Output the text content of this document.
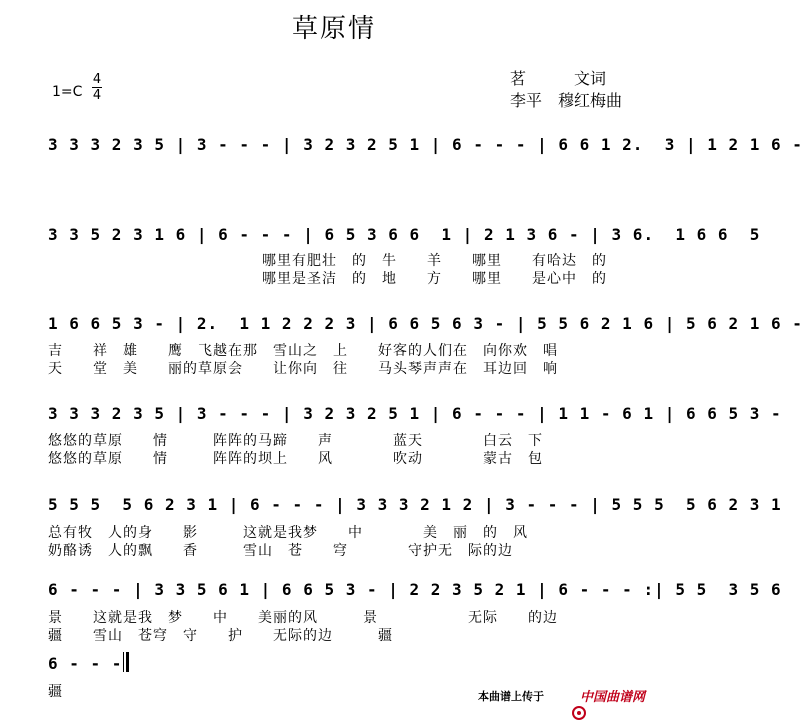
草原情
1=C
4
4
茗　　　文词
李平　穆红梅曲
3 3 3 2 3 5 | 3 - - - | 3 2 3 2 5 1 | 6 - - - | 6 6 1 2.  3 | 1 2 1 6 -
3 3 5 2 3 1 6 | 6 - - - | 6 5 3 6 6  1 | 2 1 3 6 - | 3 6.  1 6 6  5
哪里有肥壮　的　牛　　羊　　哪里　　有哈达　的
哪里是圣洁　的　地　　方　　哪里　　是心中　的
1 6 6 5 3 - | 2.  1 1 2 2 2 3 | 6 6 5 6 3 - | 5 5 6 2 1 6 | 5 6 2 1 6 -
吉　　祥　雄　　鹰　飞越在那　雪山之　上　　好客的人们在　向你欢　唱
天　　堂　美　　丽的草原会　　让你向　往　　马头琴声声在　耳边回　响
3 3 3 2 3 5 | 3 - - - | 3 2 3 2 5 1 | 6 - - - | 1 1 - 6 1 | 6 6 5 3 -
悠悠的草原　　情　　　阵阵的马蹄　　声　　　　蓝天　　　　白云　下
悠悠的草原　　情　　　阵阵的坝上　　风　　　　吹动　　　　蒙古　包
5 5 5  5 6 2 3 1 | 6 - - - | 3 3 3 2 1 2 | 3 - - - | 5 5 5  5 6 2 3 1
总有牧　人的身　　影　　　这就是我梦　　中　　　　美　丽　的　风
奶酪诱　人的飘　　香　　　雪山　苍　　穹　　　　守护无　际的边
6 - - - | 3 3 5 6 1 | 6 6 5 3 - | 2 2 3 5 2 1 | 6 - - - :| 5 5  3 5 6
景　　这就是我　梦　　中　　美丽的风　　　景　　　　　　无际　　的边
疆　　雪山　苍穹　守　　护　　无际的边　　　疆
6 - - -
疆	本曲谱上传于

	中国曲谱网
